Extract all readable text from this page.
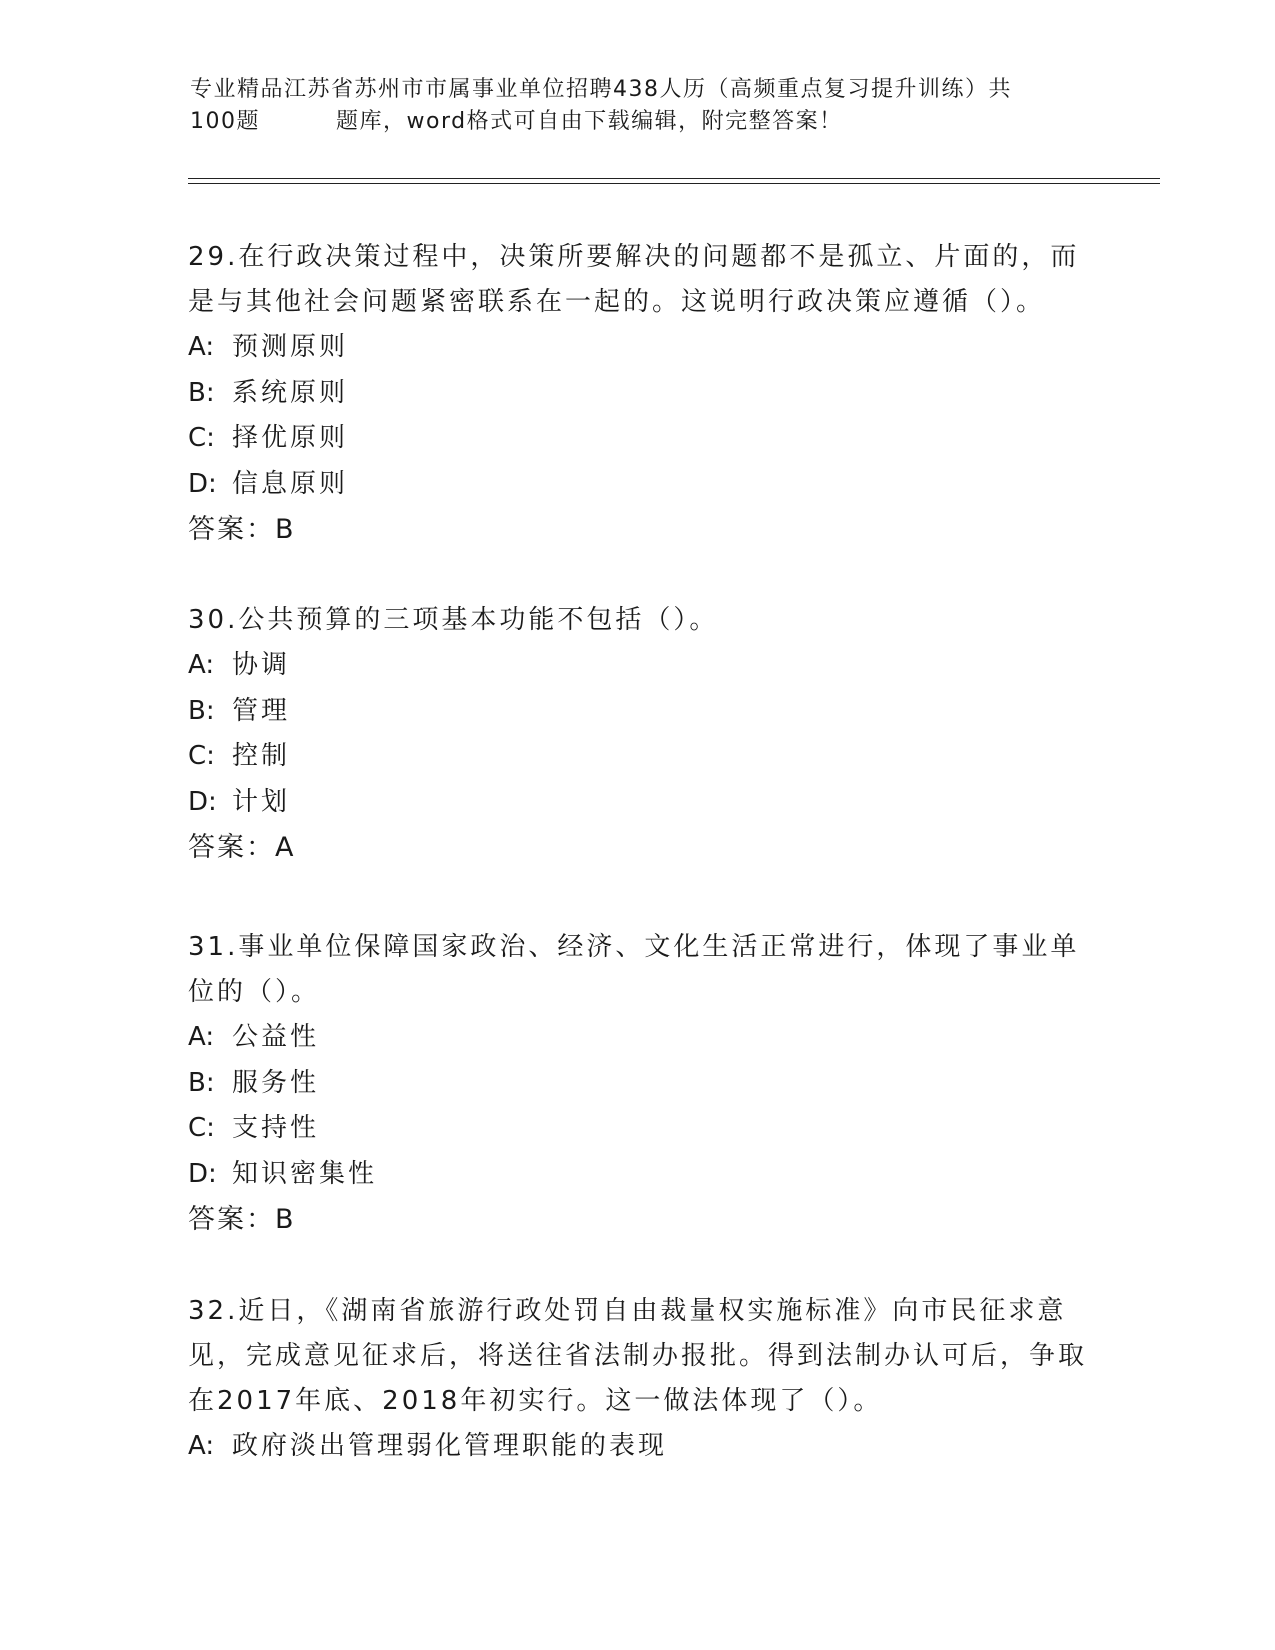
专业精品江苏省苏州市市属事业单位招聘438人历（高频重点复习提升训练）共
100题	题库，word格式可自由下载编辑，附完整答案！

29.在行政决策过程中，决策所要解决的问题都不是孤立、片面的，而是与其他社会问题紧密联系在一起的。这说明行政决策应遵循（）。

A: 预测原则

B: 系统原则

C: 择优原则

D: 信息原则

答案：B

30.公共预算的三项基本功能不包括（）。

A: 协调

B: 管理

C: 控制

D: 计划

答案：A

31.事业单位保障国家政治、经济、文化生活正常进行，体现了事业单位的（）。

A: 公益性

B: 服务性

C: 支持性

D: 知识密集性

答案：B

32.近日，《湖南省旅游行政处罚自由裁量权实施标准》向市民征求意见，完成意见征求后，将送往省法制办报批。得到法制办认可后，争取在2017年底、2018年初实行。这一做法体现了（）。

A: 政府淡出管理弱化管理职能的表现
